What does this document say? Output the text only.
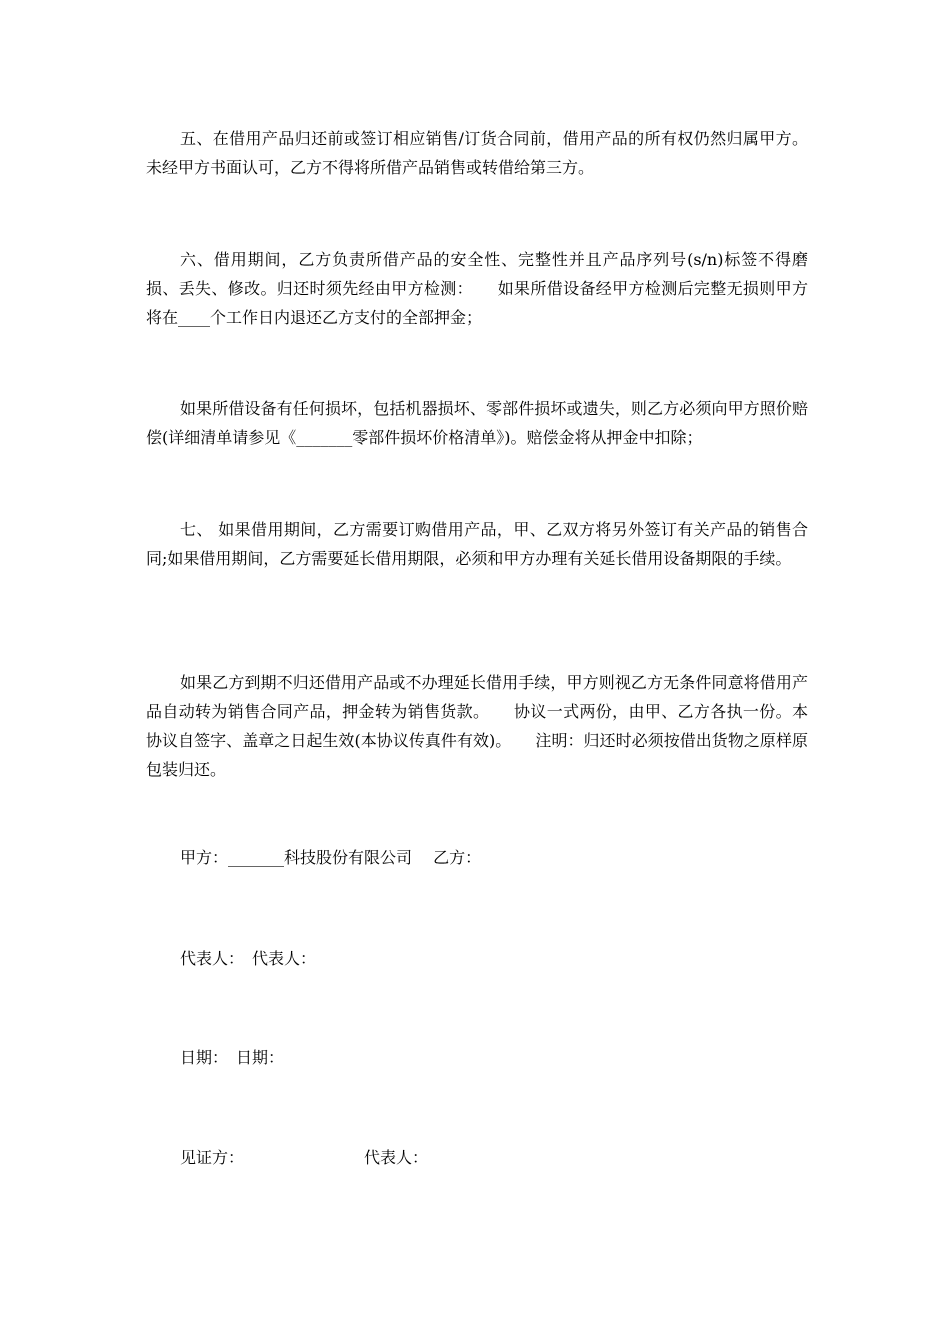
五、在借用产品归还前或签订相应销售/订货合同前，借用产品的所有权仍然归属甲方。未经甲方书面认可，乙方不得将所借产品销售或转借给第三方。

六、借用期间，乙方负责所借产品的安全性、完整性并且产品序列号(s/n)标签不得磨损、丢失、修改。归还时须先经由甲方检测：　　如果所借设备经甲方检测后完整无损则甲方将在____个工作日内退还乙方支付的全部押金；

如果所借设备有任何损坏，包括机器损坏、零部件损坏或遗失，则乙方必须向甲方照价赔偿(详细清单请参见《_______零部件损坏价格清单》)。赔偿金将从押金中扣除；

七、 如果借用期间，乙方需要订购借用产品，甲、乙双方将另外签订有关产品的销售合同;如果借用期间，乙方需要延长借用期限，必须和甲方办理有关延长借用设备期限的手续。

如果乙方到期不归还借用产品或不办理延长借用手续，甲方则视乙方无条件同意将借用产品自动转为销售合同产品，押金转为销售货款。　　协议一式两份，由甲、乙方各执一份。本协议自签字、盖章之日起生效(本协议传真件有效)。　　注明：归还时必须按借出货物之原样原包装归还。

甲方：_______科技股份有限公司　 乙方：

代表人：　代表人：

日期：　日期：

见证方：　　　　　　　　代表人：
